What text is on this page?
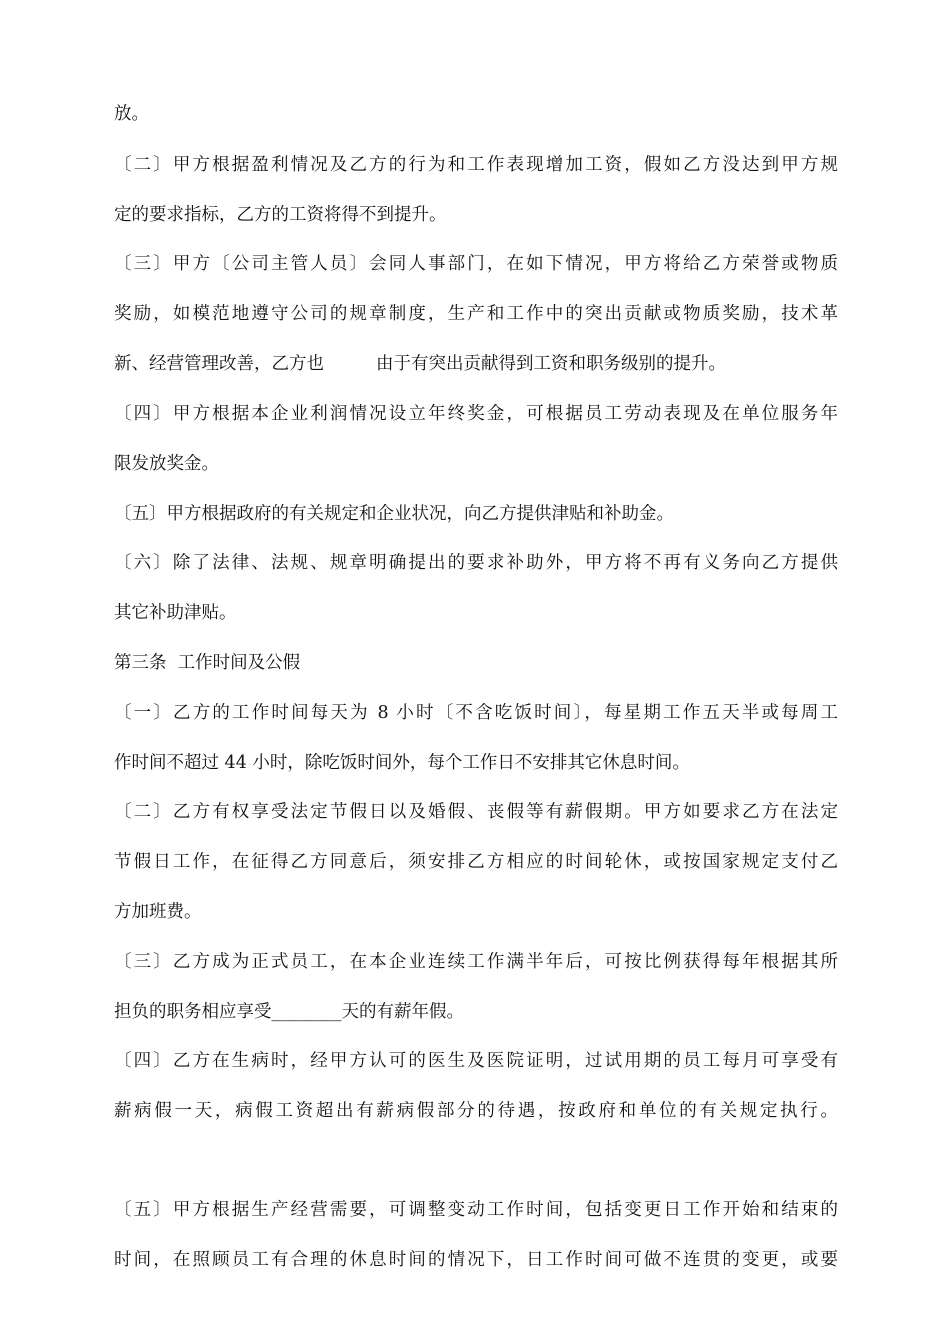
放。
〔二〕甲方根据盈利情况及乙方的行为和工作表现增加工资，假如乙方没达到甲方规
定的要求指标，乙方的工资将得不到提升。
〔三〕甲方〔公司主管人员〕会同人事部门，在如下情况，甲方将给乙方荣誉或物质
奖励，如模范地遵守公司的规章制度，生产和工作中的突出贡献或物质奖励，技术革
新、经营管理改善，乙方也	由于有突出贡献得到工资和职务级别的提升。
〔四〕甲方根据本企业利润情况设立年终奖金，可根据员工劳动表现及在单位服务年
限发放奖金。
〔五〕甲方根据政府的有关规定和企业状况，向乙方提供津贴和补助金。
〔六〕除了法律、法规、规章明确提出的要求补助外，甲方将不再有义务向乙方提供
其它补助津贴。
第三条  工作时间及公假
〔一〕乙方的工作时间每天为 8 小时〔不含吃饭时间〕，每星期工作五天半或每周工
作时间不超过 44 小时，除吃饭时间外，每个工作日不安排其它休息时间。
〔二〕乙方有权享受法定节假日以及婚假、丧假等有薪假期。甲方如要求乙方在法定
节假日工作，在征得乙方同意后，须安排乙方相应的时间轮休，或按国家规定支付乙
方加班费。
〔三〕乙方成为正式员工，在本企业连续工作满半年后，可按比例获得每年根据其所
担负的职务相应享受________天的有薪年假。
〔四〕乙方在生病时，经甲方认可的医生及医院证明，过试用期的员工每月可享受有
薪病假一天，病假工资超出有薪病假部分的待遇，按政府和单位的有关规定执行。
〔五〕甲方根据生产经营需要，可调整变动工作时间，包括变更日工作开始和结束的
时间，在照顾员工有合理的休息时间的情况下，日工作时间可做不连贯的变更，或要
